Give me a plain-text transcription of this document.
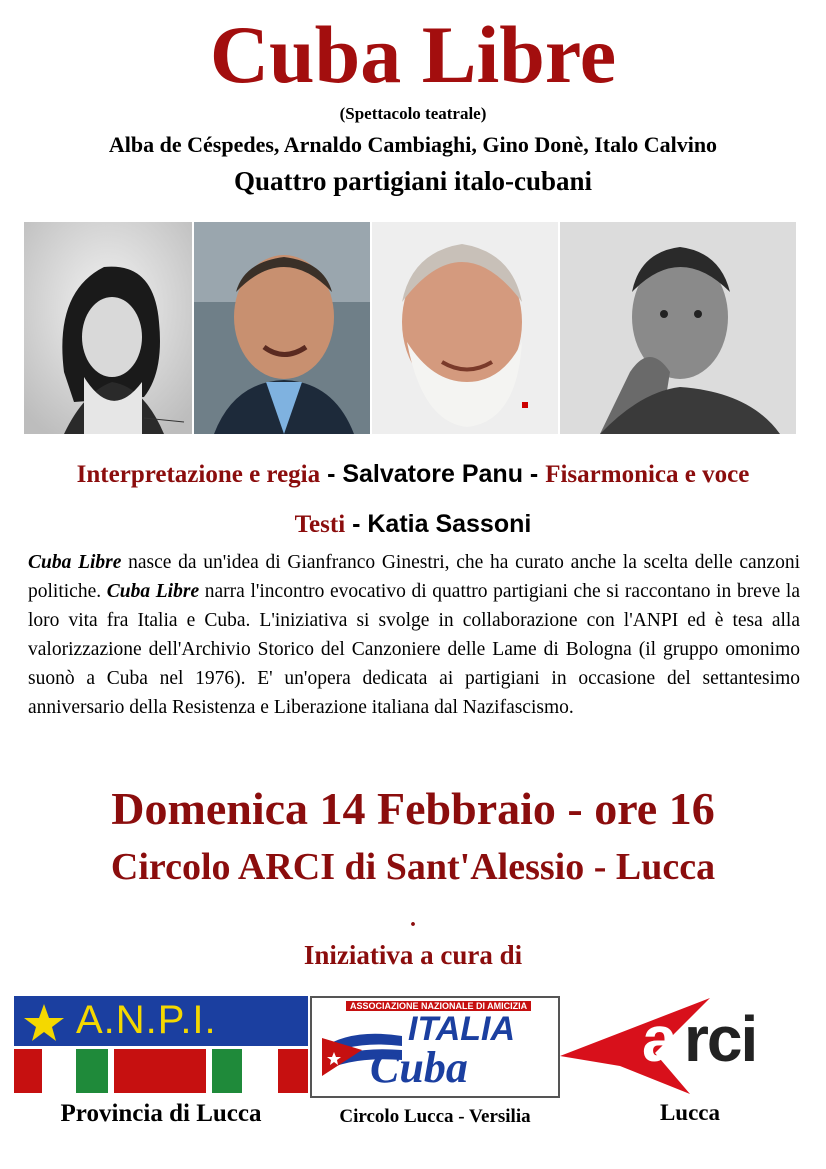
Cuba Libre
(Spettacolo teatrale)
Alba de Céspedes, Arnaldo Cambiaghi, Gino Donè, Italo Calvino
Quattro partigiani italo-cubani
Interpretazione e regia - Salvatore Panu - Fisarmonica e voce
Testi - Katia Sassoni
Cuba Libre nasce da un'idea di Gianfranco Ginestri, che ha curato anche la scelta delle canzoni politiche. Cuba Libre narra l'incontro evocativo di quattro partigiani che si raccontano in breve la loro vita fra Italia e Cuba. L'iniziativa si svolge in collaborazione con l'ANPI ed è tesa alla valorizzazione dell'Archivio Storico del Canzoniere delle Lame di Bologna (il gruppo omonimo suonò a Cuba nel 1976). E' un'opera dedicata ai partigiani in occasione del settantesimo anniversario della Resistenza e Liberazione italiana dal Nazifascismo.
Domenica 14 Febbraio - ore 16
Circolo ARCI di Sant'Alessio - Lucca
.
Iniziativa a cura di
A.N.P.I.
Provincia di Lucca
ASSOCIAZIONE NAZIONALE DI AMICIZIA
ITALIA
Cuba
Circolo Lucca - Versilia
a rci
Lucca
